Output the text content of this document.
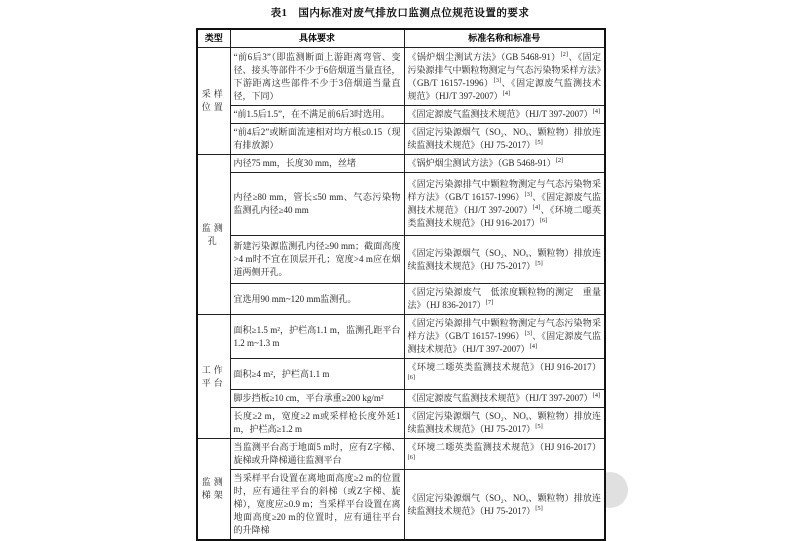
表1　国内标准对废气排放口监测点位规范设置的要求
类型	具体要求	标准名称和标准号
采样位置	“前6后3”（即监测断面上游距离弯管、变径、接头等部件不少于6倍烟道当量直径，下游距离这些部件不少于3倍烟道当量直径，下同）	《锅炉烟尘测试方法》（GB 5468-91）[2]、《固定污染源排气中颗粒物测定与气态污染物采样方法》（GB/T 16157-1996）[3]、《固定源废气监测技术规范》（HJ/T 397-2007）[4]
	“前1.5后1.5”，在不满足前6后3时选用。	《固定源废气监测技术规范》（HJ/T 397-2007）[4]
	“前4后2”或断面流速相对均方根≤0.15（现有排放源）	《固定污染源烟气（SO₂、NOₓ、颗粒物）排放连续监测技术规范》（HJ 75-2017）[5]
监测孔	内径75 mm，长度30 mm，丝堵	《锅炉烟尘测试方法》（GB 5468-91）[2]
	内径≥80 mm，管长≤50 mm、气态污染物监测孔内径≥40 mm	《固定污染源排气中颗粒物测定与气态污染物采样方法》（GB/T 16157-1996）[3]、《固定源废气监测技术规范》（HJ/T 397-2007）[4]、《环境二噁英类监测技术规范》（HJ 916-2017）[6]
	新建污染源监测孔内径≥90 mm；截面高度>4 m时不宜在顶层开孔；宽度>4 m应在烟道两侧开孔。	《固定污染源烟气（SO₂、NOₓ、颗粒物）排放连续监测技术规范》（HJ 75-2017）[5]
	宜选用90 mm~120 mm监测孔。	《固定污染源废气　低浓度颗粒物的测定　重量法》（HJ 836-2017）[7]
工作平台	面积≥1.5 m²，护栏高1.1 m，监测孔距平台1.2 m~1.3 m	《固定污染源排气中颗粒物测定与气态污染物采样方法》（GB/T 16157-1996）[3]、《固定源废气监测技术规范》（HJ/T 397-2007）[4]
	面积≥4 m²，护栏高1.1 m	《环境二噁英类监测技术规范》（HJ 916-2017）[6]
	脚步挡板≥10 cm，平台承重≥200 kg/m²	《固定源废气监测技术规范》（HJ/T 397-2007）[4]
	长度≥2 m，宽度≥2 m或采样枪长度外延1 m，护栏高≥1.2 m	《固定污染源烟气（SO₂、NOₓ、颗粒物）排放连续监测技术规范》（HJ 75-2017）[5]
监测梯架	当监测平台高于地面5 m时，应有Z字梯、旋梯或升降梯通往监测平台	《环境二噁英类监测技术规范》（HJ 916-2017）[6]
	当采样平台设置在离地面高度≥2 m的位置时，应有通往平台的斜梯（或Z字梯、旋梯），宽度应≥0.9 m；当采样平台设置在离地面高度≥20 m的位置时，应有通往平台的升降梯	《固定污染源烟气（SO₂、NOₓ、颗粒物）排放连续监测技术规范》（HJ 75-2017）[5]
